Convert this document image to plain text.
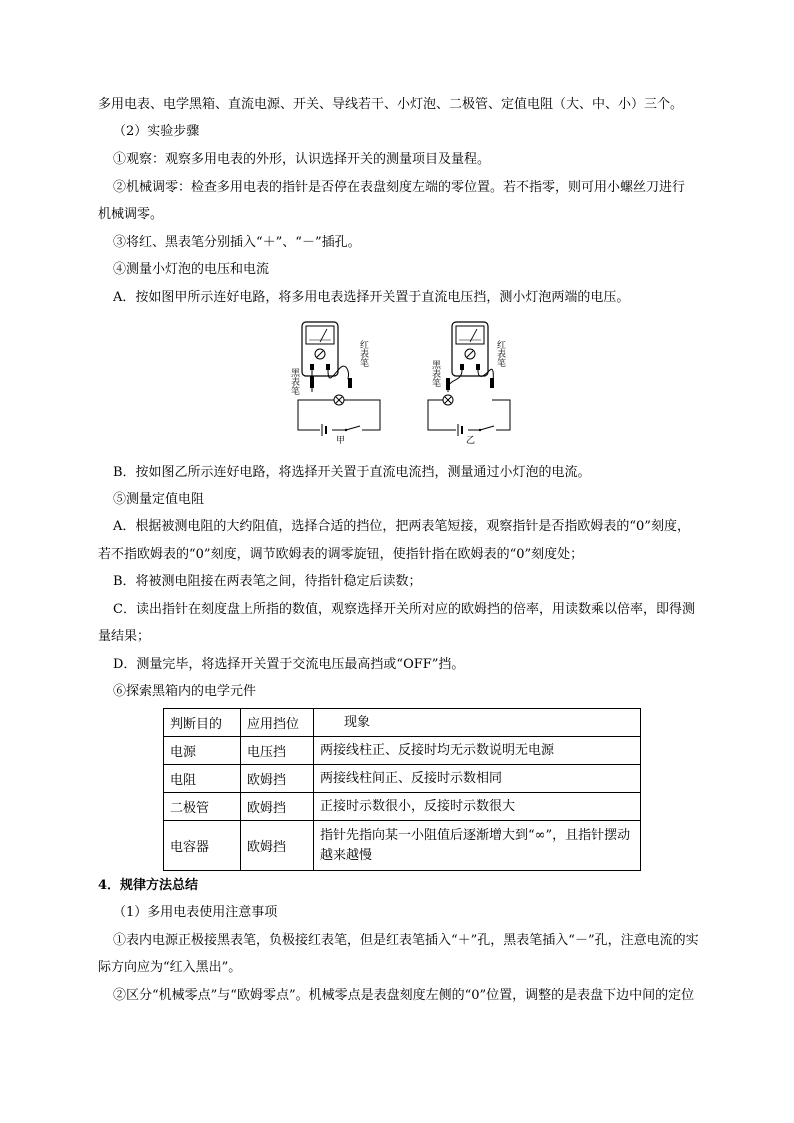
多用电表、电学黑箱、直流电源、开关、导线若干、小灯泡、二极管、定值电阻（大、中、小）三个。
（2）实验步骤
①观察：观察多用电表的外形，认识选择开关的测量项目及量程。
②机械调零：检查多用电表的指针是否停在表盘刻度左端的零位置。若不指零，则可用小螺丝刀进行
机械调零。
③将红、黑表笔分别插入“＋”、“－”插孔。
④测量小灯泡的电压和电流
A．按如图甲所示连好电路，将多用电表选择开关置于直流电压挡，测小灯泡两端的电压。
黑表笔
红表笔
甲
黑表笔
红表笔
乙
B．按如图乙所示连好电路，将选择开关置于直流电流挡，测量通过小灯泡的电流。
⑤测量定值电阻
A．根据被测电阻的大约阻值，选择合适的挡位，把两表笔短接，观察指针是否指欧姆表的“0”刻度，
若不指欧姆表的“0”刻度，调节欧姆表的调零旋钮，使指针指在欧姆表的“0”刻度处；
B．将被测电阻接在两表笔之间，待指针稳定后读数；
C．读出指针在刻度盘上所指的数值，观察选择开关所对应的欧姆挡的倍率，用读数乘以倍率，即得测
量结果；
D．测量完毕，将选择开关置于交流电压最高挡或“OFF”挡。
⑥探索黑箱内的电学元件
判断目的	应用挡位	现象
电源	电压挡	两接线柱正、反接时均无示数说明无电源
电阻	欧姆挡	两接线柱间正、反接时示数相同
二极管	欧姆挡	正接时示数很小，反接时示数很大
电容器	欧姆挡	指针先指向某一小阻值后逐渐增大到“∞”，且指针摆动越来越慢
4．规律方法总结
（1）多用电表使用注意事项
①表内电源正极接黑表笔，负极接红表笔，但是红表笔插入“＋”孔，黑表笔插入“－”孔，注意电流的实
际方向应为“红入黑出”。
②区分“机械零点”与“欧姆零点”。机械零点是表盘刻度左侧的“0”位置，调整的是表盘下边中间的定位
